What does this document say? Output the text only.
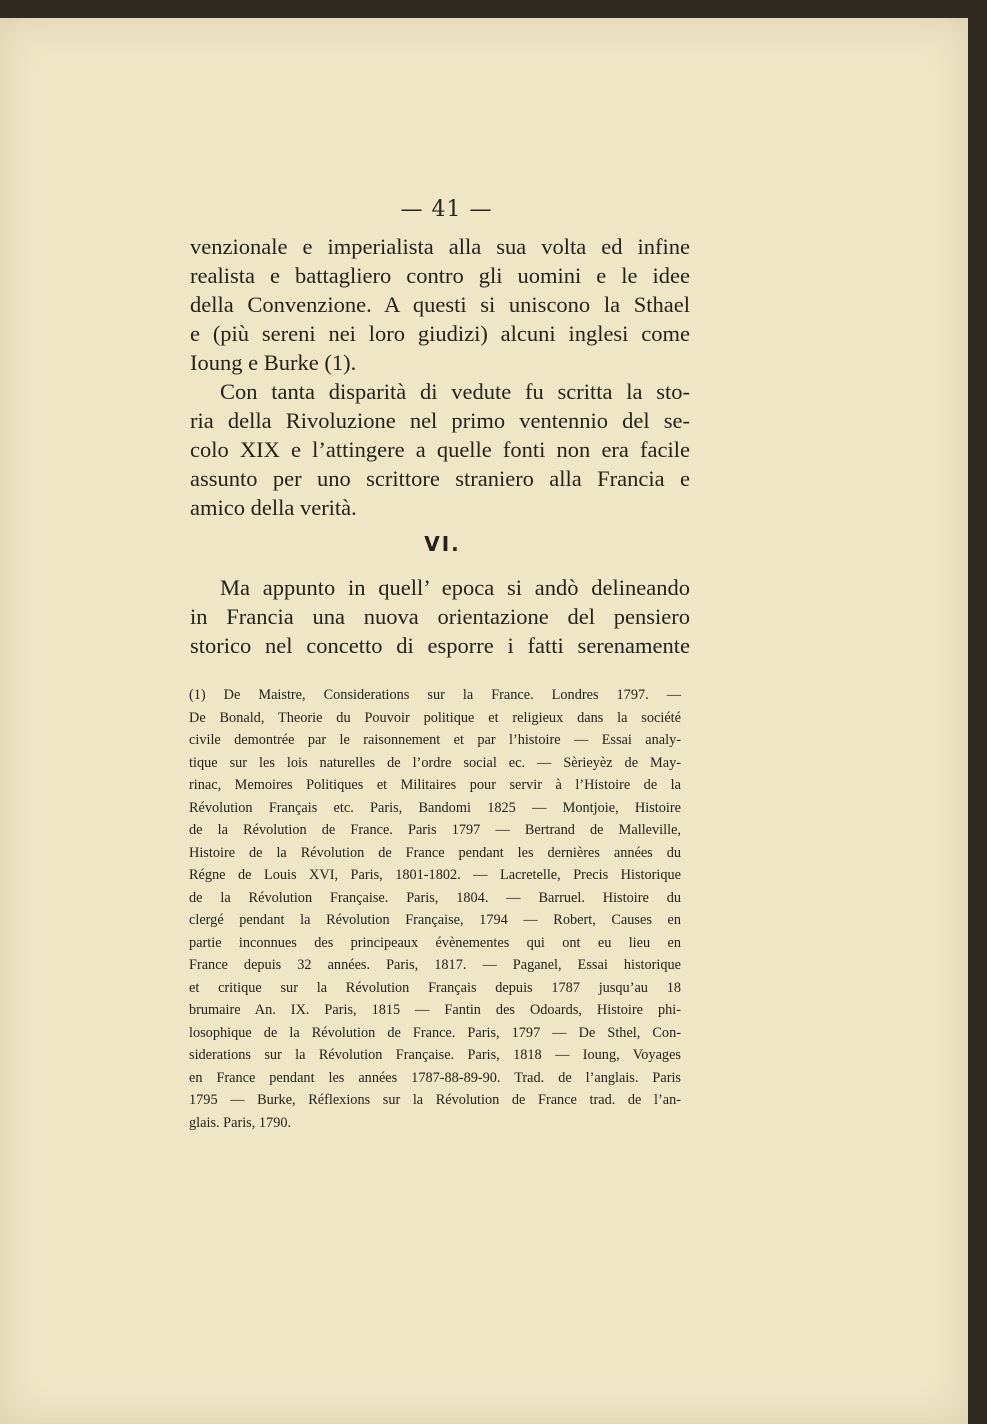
— 41 —

venzionale e imperialista alla sua volta ed infine
realista e battagliero contro gli uomini e le idee
della Convenzione. A questi si uniscono la Sthael
e (più sereni nei loro giudizi) alcuni inglesi come
Ioung e Burke (1).

Con tanta disparità di vedute fu scritta la sto-
ria della Rivoluzione nel primo ventennio del se-
colo XIX e l’attingere a quelle fonti non era facile
assunto per uno scrittore straniero alla Francia e
amico della verità.

VI.

Ma appunto in quell’ epoca si andò delineando
in Francia una nuova orientazione del pensiero
storico nel concetto di esporre i fatti serenamente

(1) De Maistre, Considerations sur la France. Londres 1797. —
De Bonald, Theorie du Pouvoir politique et religieux dans la société
civile demontrée par le raisonnement et par l’histoire — Essai analy-
tique sur les lois naturelles de l’ordre social ec. — Sèrieyèz de May-
rinac, Memoires Politiques et Militaires pour servir à l’Histoire de la
Révolution Français etc. Paris, Bandomi 1825 — Montjoie, Histoire
de la Révolution de France. Paris 1797 — Bertrand de Malleville,
Histoire de la Révolution de France pendant les dernières années du
Régne de Louis XVI, Paris, 1801-1802. — Lacretelle, Precis Historique
de la Révolution Française. Paris, 1804. — Barruel. Histoire du
clergé pendant la Révolution Française, 1794 — Robert, Causes en
partie inconnues des principeaux évènementes qui ont eu lieu en
France depuis 32 années. Paris, 1817. — Paganel, Essai historique
et critique sur la Révolution Français depuis 1787 jusqu’au 18
brumaire An. IX. Paris, 1815 — Fantin des Odoards, Histoire phi-
losophique de la Révolution de France. Paris, 1797 — De Sthel, Con-
siderations sur la Révolution Française. Paris, 1818 — Ioung, Voyages
en France pendant les années 1787-88-89-90. Trad. de l’anglais. Paris
1795 — Burke, Réflexions sur la Révolution de France trad. de l’an-
glais. Paris, 1790.
